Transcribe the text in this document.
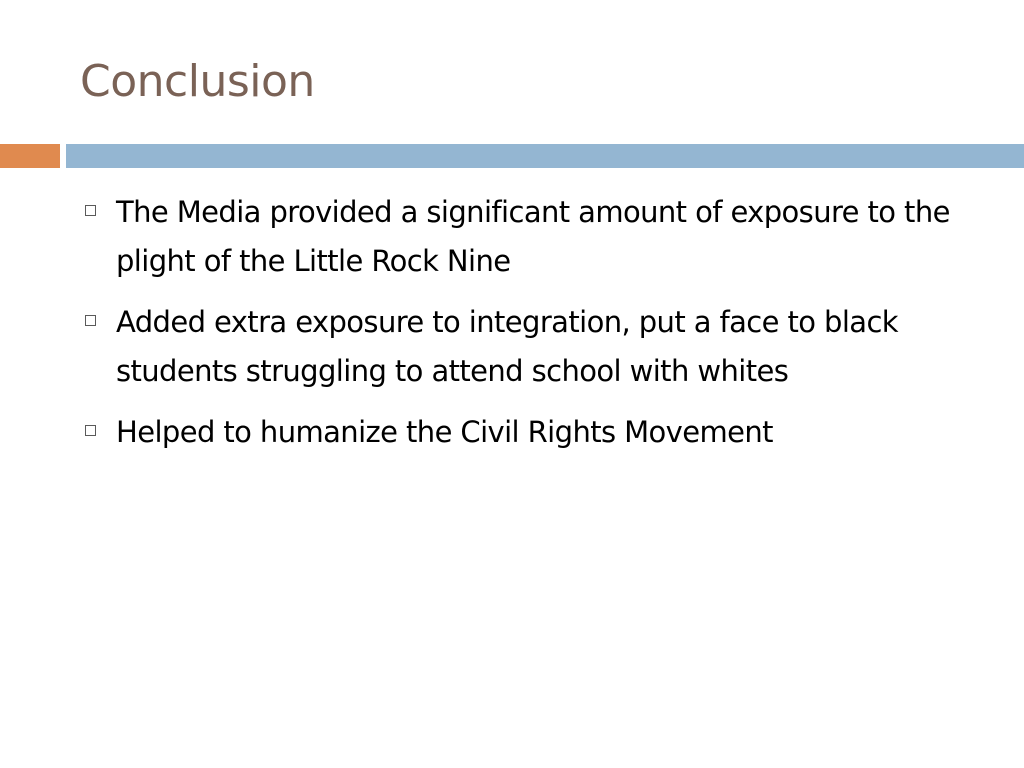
Conclusion
The Media provided a significant amount of exposure to the plight of the Little Rock Nine
Added extra exposure to integration, put a face to black students struggling to attend school with whites
Helped to humanize the Civil Rights Movement
